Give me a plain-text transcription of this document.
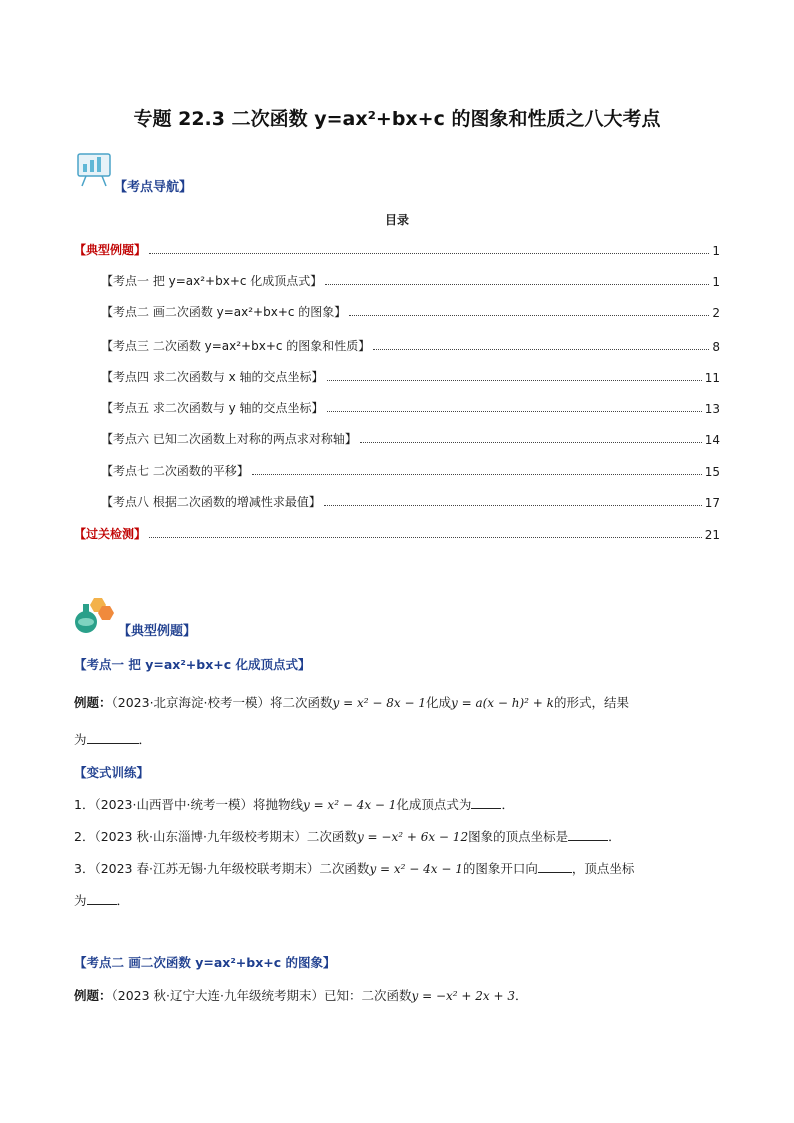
专题 22.3 二次函数 y=ax²+bx+c 的图象和性质之八大考点
【考点导航】
目录
【典型例题】	1
【考点一 把 y=ax²+bx+c 化成顶点式】	1
【考点二 画二次函数 y=ax²+bx+c 的图象】	2
【考点三 二次函数 y=ax²+bx+c 的图象和性质】	8
【考点四 求二次函数与 x 轴的交点坐标】	11
【考点五 求二次函数与 y 轴的交点坐标】	13
【考点六 已知二次函数上对称的两点求对称轴】	14
【考点七 二次函数的平移】	15
【考点八 根据二次函数的增减性求最值】	17
【过关检测】	21
【典型例题】
【考点一 把 y=ax²+bx+c 化成顶点式】
例题：（2023·北京海淀·校考一模）将二次函数y = x² − 8x − 1化成y = a(x − h)² + k的形式，结果
为	．
【变式训练】
1．（2023·山西晋中·统考一模）将抛物线y = x² − 4x − 1化成顶点式为 ．
2．（2023 秋·山东淄博·九年级校考期末）二次函数y = −x² + 6x − 12图象的顶点坐标是	．
3．（2023 春·江苏无锡·九年级校联考期末）二次函数y = x² − 4x − 1的图象开口向	，顶点坐标
为 ．
【考点二 画二次函数 y=ax²+bx+c 的图象】
例题：（2023 秋·辽宁大连·九年级统考期末）已知：二次函数y = −x² + 2x + 3．
